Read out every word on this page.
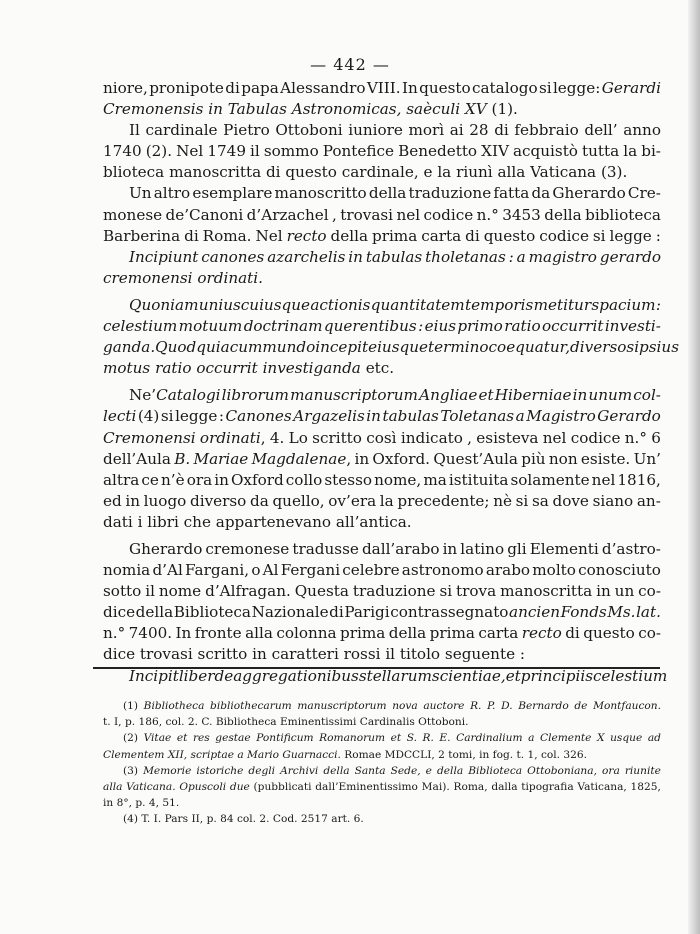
— 442 —
niore, pronipote di papa Alessandro VIII. In questo catalogo si legge: Gerardi
Cremonensis in Tabulas Astronomicas, saèculi XV (1).
Il cardinale Pietro Ottoboni iuniore morì ai 28 di febbraio dell’ anno
1740 (2). Nel 1749 il sommo Pontefice Benedetto XIV acquistò tutta la bi-
blioteca manoscritta di questo cardinale, e la riunì alla Vaticana (3).
Un altro esemplare manoscritto della traduzione fatta da Gherardo Cre-
monese de’Canoni d’Arzachel , trovasi nel codice n.° 3453 della biblioteca
Barberina di Roma. Nel recto della prima carta di questo codice si legge :
Incipiunt canones azarchelis in tabulas tholetanas : a magistro gerardo
cremonensi ordinati.
Quoniam uniuscuiusque actionis quantitatem temporis metitur spacium :
celestium motuum doctrinam querentibus : eius primo ratio occurrit investi-
ganda. Quod quia cum mundo incepit eiusque termino coequatur, diversos ipsius
motus ratio occurrit investiganda etc.
Ne’Catalogi librorum manuscriptorum Angliae et Hiberniae in unum col-
lecti (4) si legge : Canones Argazelis in tabulas Toletanas a Magistro Gerardo
Cremonensi ordinati, 4. Lo scritto così indicato , esisteva nel codice n.° 6
dell’Aula B. Mariae Magdalenae, in Oxford. Quest’Aula più non esiste. Un’
altra ce n’è ora in Oxford collo stesso nome, ma istituita solamente nel 1816,
ed in luogo diverso da quello, ov’era la precedente; nè si sa dove siano an-
dati i libri che appartenevano all’antica.
Gherardo cremonese tradusse dall’arabo in latino gli Elementi d’astro-
nomia d’Al Fargani, o Al Fergani celebre astronomo arabo molto conosciuto
sotto il nome d’Alfragan. Questa traduzione si trova manoscritta in un co-
dice della Biblioteca Nazionale di Parigi contrassegnato ancien Fonds Ms. lat.
n.° 7400. In fronte alla colonna prima della prima carta recto di questo co-
dice trovasi scritto in caratteri rossi il titolo seguente :
Incipit liber de aggregationibus stellarum scientiae, et principiis celestium
(1) Bibliotheca bibliothecarum manuscriptorum nova auctore R. P. D. Bernardo de Montfaucon.
t. I, p. 186, col. 2. C. Bibliotheca Eminentissimi Cardinalis Ottoboni.
(2) Vitae et res gestae Pontificum Romanorum et S. R. E. Cardinalium a Clemente X usque ad
Clementem XII, scriptae a Mario Guarnacci. Romae MDCCLI, 2 tomi, in fog. t. 1, col. 326.
(3) Memorie istoriche degli Archivi della Santa Sede, e della Biblioteca Ottoboniana, ora riunite
alla Vaticana. Opuscoli due (pubblicati dall’Eminentissimo Mai). Roma, dalla tipografia Vaticana, 1825,
in 8°, p. 4, 51.
(4) T. I. Pars II, p. 84 col. 2. Cod. 2517 art. 6.
